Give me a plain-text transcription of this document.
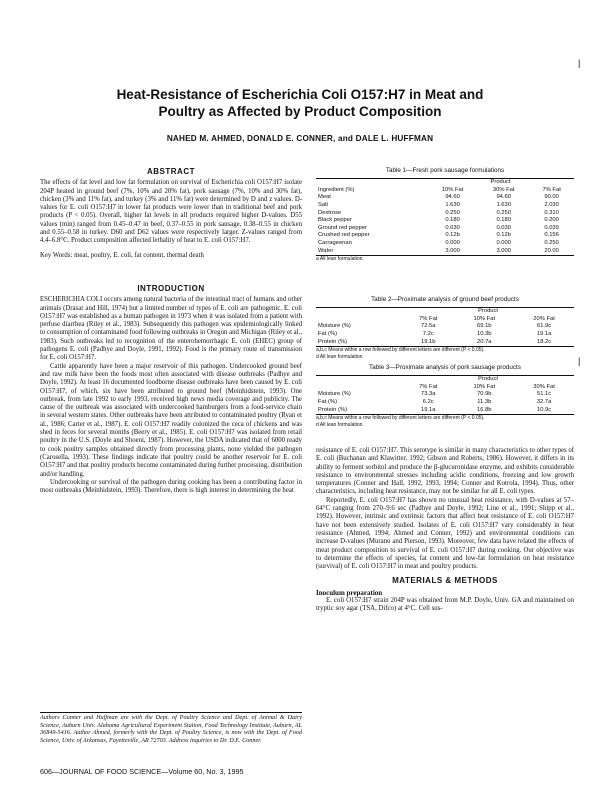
|
|
Heat-Resistance of Escherichia Coli O157:H7 in Meat and
Poultry as Affected by Product Composition
NAHED M. AHMED, DONALD E. CONNER, and DALE L. HUFFMAN
ABSTRACT

The effects of fat level and low fat formulation on survival of Escherichia coli O157:H7 isolate 204P heated in ground beef (7%, 10% and 20% fat), pork sausage (7%, 10% and 30% fat), chicken (3% and 11% fat), and turkey (3% and 11% fat) were determined by D and z values. D-values for E. coli O157:H7 in lower fat products were lower than in traditional beef and pork products (P < 0.05). Overall, higher fat levels in all products required higher D-values. D55 values (min) ranged from 0.45–0.47 in beef, 0.37–0.55 in pork sausage, 0.38–0.55 in chicken and 0.55–0.58 in turkey. D60 and D62 values were respectively larger. Z-values ranged from 4.4–6.8°C. Product composition affected lethality of heat to E. coli O157:H7.

Key Words: meat, poultry, E. coli, fat content, thermal death

INTRODUCTION

ESCHERICHIA COLI occurs among natural bacteria of the intestinal tract of humans and other animals (Drasar and Hill, 1974) but a limited number of types of E. coli are pathogenic. E. coli O157:H7 was established as a human pathogen in 1973 when it was isolated from a patient with perfuse diarrhea (Riley et al., 1983). Subsequently this pathogen was epidemiologically linked to consumption of contaminated food following outbreaks in Oregon and Michigan (Riley et al., 1983). Such outbreaks led to recognition of the enterohemorrhagic E. coli (EHEC) group of pathogens E. coli (Padhye and Doyle, 1991, 1992). Food is the primary route of transmission for E. coli O157:H7.

Cattle apparently have been a major reservoir of this pathogen. Undercooked ground beef and raw milk have been the foods most often associated with disease outbreaks (Padhye and Doyle, 1992). At least 16 documented foodborne disease outbreaks have been caused by E. coli O157:H7, of which, six have been attributed to ground beef (Meinhidstein, 1993). One outbreak, from late 1992 to early 1993, received high news media coverage and publicity. The cause of the outbreak was associated with undercooked hamburgers from a food-service chain in several western states. Other outbreaks have been attributed to contaminated poultry (Ryan et al., 1986; Carter et al., 1987). E. coli O157:H7 readily colonized the ceca of chickens and was shed in feces for several months (Beery et al., 1985). E. coli O157:H7 was isolated from retail poultry in the U.S. (Doyle and Shoeni, 1987). However, the USDA indicated that of 6000 ready to cook poultry samples obtained directly from processing plants, none yielded the pathogen (Carosella, 1993). These findings indicate that poultry could be another reservoir for E. coli O157:H7 and that poultry products become contaminated during further processing, distribution and/or handling.

Undercooking or survival of the pathogen during cooking has been a contributing factor in most outbreaks (Meinhidstein, 1993). Therefore, there is high interest in determining the heat

Authors Conner and Huffman are with the Dept. of Poultry Science and Dept. of Animal & Dairy Science, Auburn Univ. Alabama Agricultural Experiment Station, Food Technology Institute, Auburn, AL 36849-5416. Author Ahmed, formerly with the Dept. of Poultry Science, is now with the Dept. of Food Science, Univ. of Arkansas, Fayetteville, AR 72703. Address inquiries to Dr. D.E. Conner.
Table 1—Fresh pork sausage formulations
	Product		
Ingredient (%)	10% Fat	30% Fat	7% Fat
Meat	94.60	94.60	90.00
Salt	1.630	1.630	2.030
Dextrose	0.250	0.250	0.310
Black pepper	0.180	0.180	0.200
Ground red pepper	0.030	0.030	0.039
Crushed red pepper	0.12b	0.12b	0.156
Carrageenan	0.000	0.000	0.250
Water	3.000	3.000	20.00
a All lean formulation.
Table 2—Proximate analysis of ground beef products
	Product		
	7% Fat	10% Fat	20% Fat
Moisture (%)	72.5a	69.1b	61.9c
Fat (%)	7.2c	10.3b	19.1a
Protein (%)	19.1b	20.7a	18.2c
a,b,c Means within a row followed by different letters are different (P < 0.05).
d All lean formulation.
Table 3—Proximate analysis of pork sausage products
	Product		
	7% Fat	10% Fat	30% Fat
Moisture (%)	73.3a	70.9b	51.1c
Fat (%)	6.2c	11.3b	32.7a
Protein (%)	19.1a	16.8b	10.9c
a,b,c Means within a row followed by different letters are different (P < 0.05).
d All lean formulation.

resistance of E. coli O157:H7. This serotype is similar in many characteristics to other types of E. coli (Buchanan and Klawitter, 1992; Gibson and Roberts, 1986). However, it differs in its ability to ferment sorbitol and produce the β-glucuronidase enzyme, and exhibits considerable resistance to environmental stresses including acidic conditions, freezing and low growth temperatures (Conner and Hall, 1992, 1993, 1994; Conner and Kotrola, 1994). Thus, other characteristics, including heat resistance, may not be similar for all E. coli types.

Reportedly, E. coli O157:H7 has shown no unusual heat resistance, with D-values at 57–64°C ranging from 270–9.6 sec (Padhye and Doyle, 1992; Line et al., 1991; Shipp et al., 1992). However, intrinsic and extrinsic factors that affect heat resistance of E. coli O157:H7 have not been extensively studied. Isolates of E. coli O157:H7 vary considerably in heat resistance (Ahmed, 1994; Ahmed and Conner, 1992) and environmental conditions can increase D-values (Murano and Pierson, 1993). Moreover, few data have related the effects of meat product composition to survival of E. coli O157:H7 during cooking. Our objective was to determine the effects of species, fat content and low-fat formulation on heat resistance (survival) of E. coli O157:H7 in meat and poultry products.

MATERIALS & METHODS
Inoculum preparation

E. coli O157:H7 strain 204P was obtained from M.P. Doyle, Univ. GA and maintained on tryptic soy agar (TSA, Difco) at 4°C. Cell sus-

606—JOURNAL OF FOOD SCIENCE—Volume 60, No. 3, 1995
